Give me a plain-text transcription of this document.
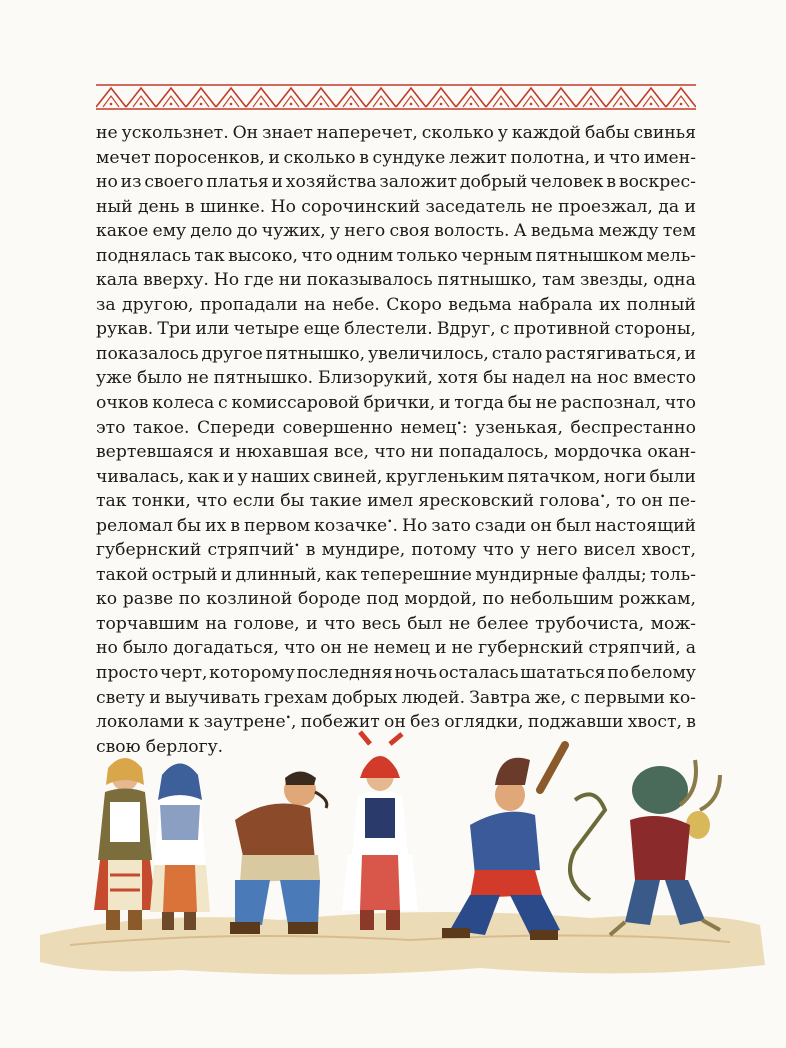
не ускользнет. Он знает наперечет, сколько у каждой бабы свинья
мечет поросенков, и сколько в сундуке лежит полотна, и что имен-
но из своего платья и хозяйства заложит добрый человек в воскрес-
ный день в шинке. Но сорочинский заседатель не проезжал, да и
какое ему дело до чужих, у него своя волость. А ведьма между тем
поднялась так высоко, что одним только черным пятнышком мель-
кала вверху. Но где ни показывалось пятнышко, там звезды, одна
за другою, пропадали на небе. Скоро ведьма набрала их полный
рукав. Три или четыре еще блестели. Вдруг, с противной стороны,
показалось другое пятнышко, увеличилось, стало растягиваться, и
уже было не пятнышко. Близорукий, хотя бы надел на нос вместо
очков колеса с комиссаровой брички, и тогда бы не распознал, что
это такое. Спереди совершенно немец•: узенькая, беспрестанно
вертевшаяся и нюхавшая все, что ни попадалось, мордочка окан-
чивалась, как и у наших свиней, кругленьким пятачком, ноги были
так тонки, что если бы такие имел яресковский голова•, то он пе-
реломал бы их в первом козачке•. Но зато сзади он был настоящий
губернский стряпчий• в мундире, потому что у него висел хвост,
такой острый и длинный, как теперешние мундирные фалды; толь-
ко разве по козлиной бороде под мордой, по небольшим рожкам,
торчавшим на голове, и что весь был не белее трубочиста, мож-
но было догадаться, что он не немец и не губернский стряпчий, а
просто черт, которому последняя ночь осталась шататься по белому
свету и выучивать грехам добрых людей. Завтра же, с первыми ко-
локолами к заутрене•, побежит он без оглядки, поджавши хвост, в
свою берлогу.
